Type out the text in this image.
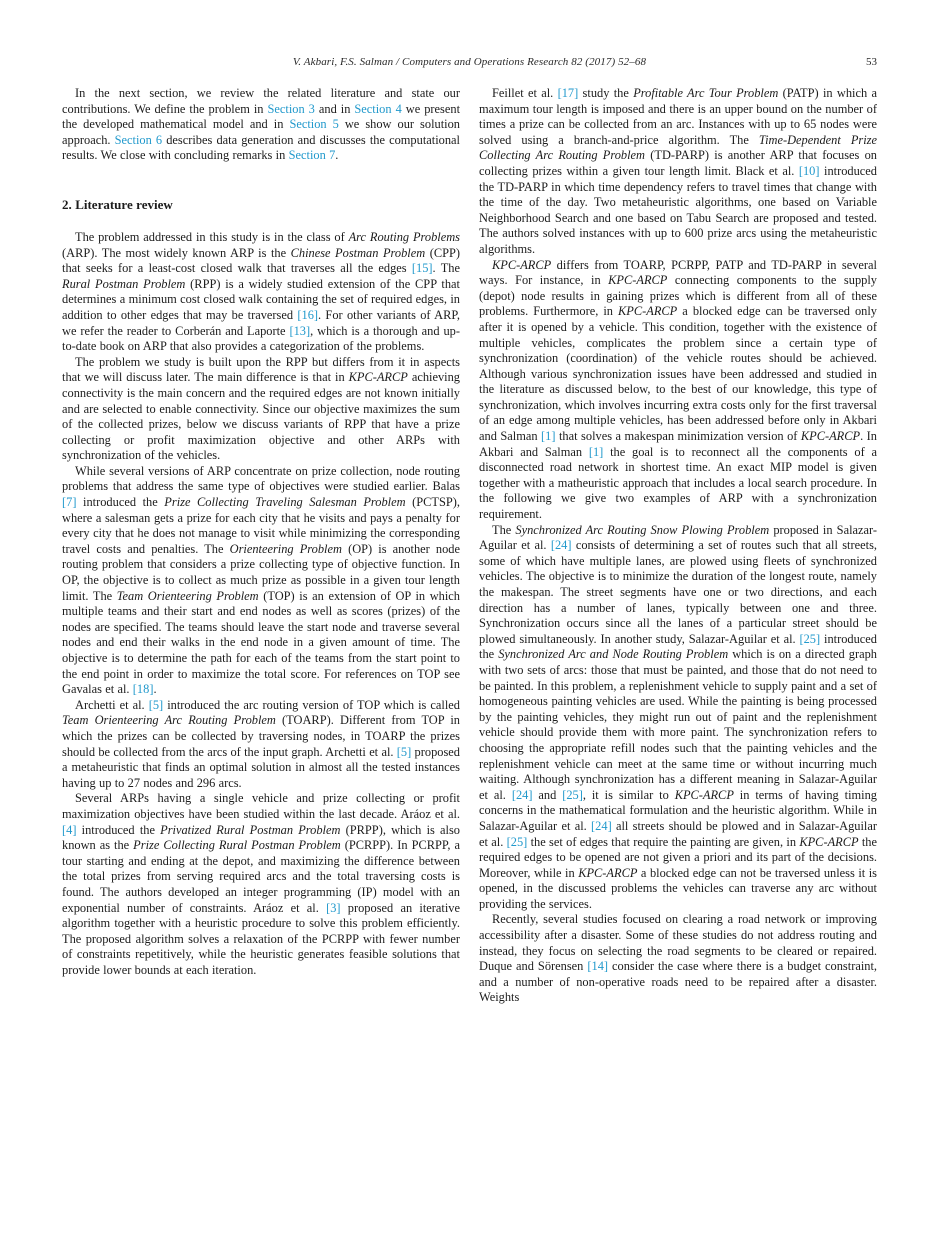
V. Akbari, F.S. Salman / Computers and Operations Research 82 (2017) 52–68	53

In the next section, we review the related literature and state our contributions. We define the problem in Section 3 and in Section 4 we present the developed mathematical model and in Section 5 we show our solution approach. Section 6 describes data generation and discusses the computational results. We close with concluding remarks in Section 7.

2. Literature review

The problem addressed in this study is in the class of Arc Routing Problems (ARP). The most widely known ARP is the Chinese Postman Problem (CPP) that seeks for a least-cost closed walk that traverses all the edges [15]. The Rural Postman Problem (RPP) is a widely studied extension of the CPP that determines a minimum cost closed walk containing the set of required edges, in addition to other edges that may be traversed [16]. For other variants of ARP, we refer the reader to Corberán and Laporte [13], which is a thorough and up-to-date book on ARP that also provides a categorization of the problems.

The problem we study is built upon the RPP but differs from it in aspects that we will discuss later. The main difference is that in KPC-ARCP achieving connectivity is the main concern and the required edges are not known initially and are selected to enable connectivity. Since our objective maximizes the sum of the collected prizes, below we discuss variants of RPP that have a prize collecting or profit maximization objective and other ARPs with synchronization of the vehicles.

While several versions of ARP concentrate on prize collection, node routing problems that address the same type of objectives were studied earlier. Balas [7] introduced the Prize Collecting Traveling Salesman Problem (PCTSP), where a salesman gets a prize for each city that he visits and pays a penalty for every city that he does not manage to visit while minimizing the corresponding travel costs and penalties. The Orienteering Problem (OP) is another node routing problem that considers a prize collecting type of objective function. In OP, the objective is to collect as much prize as possible in a given tour length limit. The Team Orienteering Problem (TOP) is an extension of OP in which multiple teams and their start and end nodes as well as scores (prizes) of the nodes are specified. The teams should leave the start node and traverse several nodes and end their walks in the end node in a given amount of time. The objective is to determine the path for each of the teams from the start point to the end point in order to maximize the total score. For references on TOP see Gavalas et al. [18].

Archetti et al. [5] introduced the arc routing version of TOP which is called Team Orienteering Arc Routing Problem (TOARP). Different from TOP in which the prizes can be collected by traversing nodes, in TOARP the prizes should be collected from the arcs of the input graph. Archetti et al. [5] proposed a metaheuristic that finds an optimal solution in almost all the tested instances having up to 27 nodes and 296 arcs.

Several ARPs having a single vehicle and prize collecting or profit maximization objectives have been studied within the last decade. Aráoz et al. [4] introduced the Privatized Rural Postman Problem (PRPP), which is also known as the Prize Collecting Rural Postman Problem (PCRPP). In PCRPP, a tour starting and ending at the depot, and maximizing the difference between the total prizes from serving required arcs and the total traversing costs is found. The authors developed an integer programming (IP) model with an exponential number of constraints. Aráoz et al. [3] proposed an iterative algorithm together with a heuristic procedure to solve this problem efficiently. The proposed algorithm solves a relaxation of the PCRPP with fewer number of constraints repetitively, while the heuristic generates feasible solutions that provide lower bounds at each iteration.

Feillet et al. [17] study the Profitable Arc Tour Problem (PATP) in which a maximum tour length is imposed and there is an upper bound on the number of times a prize can be collected from an arc. Instances with up to 65 nodes were solved using a branch-and-price algorithm. The Time-Dependent Prize Collecting Arc Routing Problem (TD-PARP) is another ARP that focuses on collecting prizes within a given tour length limit. Black et al. [10] introduced the TD-PARP in which time dependency refers to travel times that change with the time of the day. Two metaheuristic algorithms, one based on Variable Neighborhood Search and one based on Tabu Search are proposed and tested. The authors solved instances with up to 600 prize arcs using the metaheuristic algorithms.

KPC-ARCP differs from TOARP, PCRPP, PATP and TD-PARP in several ways. For instance, in KPC-ARCP connecting components to the supply (depot) node results in gaining prizes which is different from all of these problems. Furthermore, in KPC-ARCP a blocked edge can be traversed only after it is opened by a vehicle. This condition, together with the existence of multiple vehicles, complicates the problem since a certain type of synchronization (coordination) of the vehicle routes should be achieved. Although various synchronization issues have been addressed and studied in the literature as discussed below, to the best of our knowledge, this type of synchronization, which involves incurring extra costs only for the first traversal of an edge among multiple vehicles, has been addressed before only in Akbari and Salman [1] that solves a makespan minimization version of KPC-ARCP. In Akbari and Salman [1] the goal is to reconnect all the components of a disconnected road network in shortest time. An exact MIP model is given together with a matheuristic approach that includes a local search procedure. In the following we give two examples of ARP with a synchronization requirement.

The Synchronized Arc Routing Snow Plowing Problem proposed in Salazar-Aguilar et al. [24] consists of determining a set of routes such that all streets, some of which have multiple lanes, are plowed using fleets of synchronized vehicles. The objective is to minimize the duration of the longest route, namely the makespan. The street segments have one or two directions, and each direction has a number of lanes, typically between one and three. Synchronization occurs since all the lanes of a particular street should be plowed simultaneously. In another study, Salazar-Aguilar et al. [25] introduced the Synchronized Arc and Node Routing Problem which is on a directed graph with two sets of arcs: those that must be painted, and those that do not need to be painted. In this problem, a replenishment vehicle to supply paint and a set of homogeneous painting vehicles are used. While the painting is being processed by the painting vehicles, they might run out of paint and the replenishment vehicle should provide them with more paint. The synchronization refers to choosing the appropriate refill nodes such that the painting vehicles and the replenishment vehicle can meet at the same time or without incurring much waiting. Although synchronization has a different meaning in Salazar-Aguilar et al. [24] and [25], it is similar to KPC-ARCP in terms of having timing concerns in the mathematical formulation and the heuristic algorithm. While in Salazar-Aguilar et al. [24] all streets should be plowed and in Salazar-Aguilar et al. [25] the set of edges that require the painting are given, in KPC-ARCP the required edges to be opened are not given a priori and its part of the decisions. Moreover, while in KPC-ARCP a blocked edge can not be traversed unless it is opened, in the discussed problems the vehicles can traverse any arc without providing the services.

Recently, several studies focused on clearing a road network or improving accessibility after a disaster. Some of these studies do not address routing and instead, they focus on selecting the road segments to be cleared or repaired. Duque and Sörensen [14] consider the case where there is a budget constraint, and a number of non-operative roads need to be repaired after a disaster. Weights
